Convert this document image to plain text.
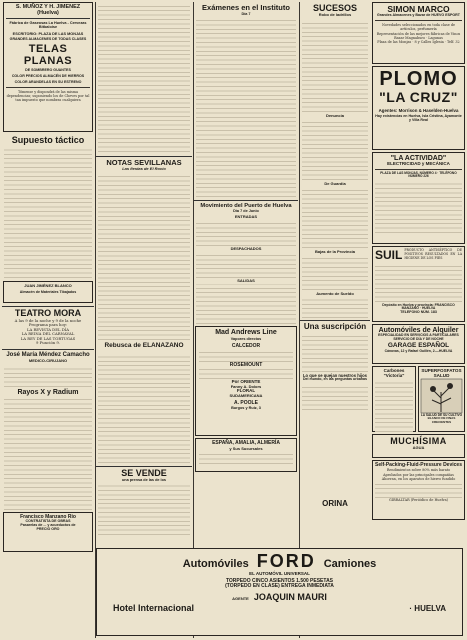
S. MUÑOZ Y H. JIMENEZ (Huelva)
Fábrica de Gaseosas La Huelva - Cervezas Bitbaloise
ESCRITORIO: PLAZA DE LAS MONJAS
GRANDES ALMACENES DE TODAS CLASES
TELAS PLANAS
DE SOMBRERO GUANTES
COLOR PRECIOS ALMACÉN DE HIERROS
COLOR ARANDELAS EN SU ESTRENO
Tómense y dispondrá de las misma dependencias; suponiendo los de Cheves por tal tan impuesto que nombras cualquiera
Supuesto táctico
JUAN JIMÉNEZ BLANCO
Almacén de Materiales Tibajados
TEATRO MORA
A las 9 de la noche y 9 de la noche
Programa para hoy:
LA REVISTA DEL DÍA
LA REINA DEL CARNAVAL
LA REY DE LAS TORTUGAS
9 Función 9.
José María Méndez Camacho
MEDICO-CIRUJANO
Rayos X y Radium
Francisco Manzano Rio
CONTRATISTA DE OBRAS
Pasarelas de ... y acueductos de
PRECIO ORO
NOTAS SEVILLANAS
Las fiestas de El Rocío
Rebusca de ELANAZANO
SE VENDE
una prensa de las de los
Exámenes en el Instituto
Día 7
Movimiento del Puerto de Huelva
Día 7 de Junio
ENTRADAS
DESPACHADOS
SALIDAS
Mad Andrews Line
Vapores directos
CALCEDOR
ROSEMOUNT
Por ORIENTE
Fanny A. Dolors
FLORAL
SUDAMERICANA
A. POOLE
Burgos y Ruiz, 3
ESPAÑA, AMALIA, ALMERÍA
y Sus Sucursales
SUCESOS
Robo de ladrillos
Denuncia
De Guardia
Bajas de la Provincia
Aumento de Sueldo
Una suscripción
Lo que se quejan nuestros hijos
Del mundo, en las preguntas urbanas
SIMON MARCO
Grandes Almacenes y Bazar de HUEVO ESPORT
Novedades seleccionados en toda clase de artículos, perfumería
Representación de las mejores fábricas de Vinos
Bazar Magnaburo · Lagunas
Plaza de las Monjas · 8 y Calles Iglesia · Telf. 32
PLOMO
"LA CRUZ"
Agentes: Morrison & Haselden-Huelva
Hay existencias en Huelva, Isla Cristina, Ayamonte y Villa Real
"LA ACTIVIDAD"
ELECTRICIDAD y MECÁNICA
PLAZA DE LAS MONJAS, NÚMERO 4 · TELÉFONO NÚMERO 226
SUIL PRODUCTO ANTISÉPTICO DE POSITIVOS RESULTADOS EN LA HIGIENE DE LOS PIES
Depósito en Huelva y provincia: FRANCISCO MANZANO · HUELVA
TELEFONO NÚM. 183
Automóviles de Alquiler
ESPECIALIDAD EN SERVICIOS A PARTICULARES
SERVICIO DE DÍA Y DE NOCHE
GARAGE ESPAÑOL
Cánovas, 12 y Rafael Guillén, 2.—HUELVA
Carbones "Victoria"
SUPERFOSFATOS SALUD
LA SALUD DE SU CULTIVO
BLANCO DE FINAS CRECIENTES
MUCHÍSIMA
AGUA
Self-Packing-Fluid-Pressure Devices
Rendimientos sobre 80% más barato
Aprobados por las principales compañías
Ahorran, en los aparatos de hierro fundido
GIBRALTAR (Periódico de Huelva)
ORINA
Automóviles FORD Camiones
EL AUTOMÓVIL UNIVERSAL
TORPEDO CINCO ASIENTOS 1.500 PESETAS
(TORPEDO EN CLASE) ENTREGA INMEDIATA
AGENTE JOAQUIN MAURI
Hotel Internacional	· HUELVA
